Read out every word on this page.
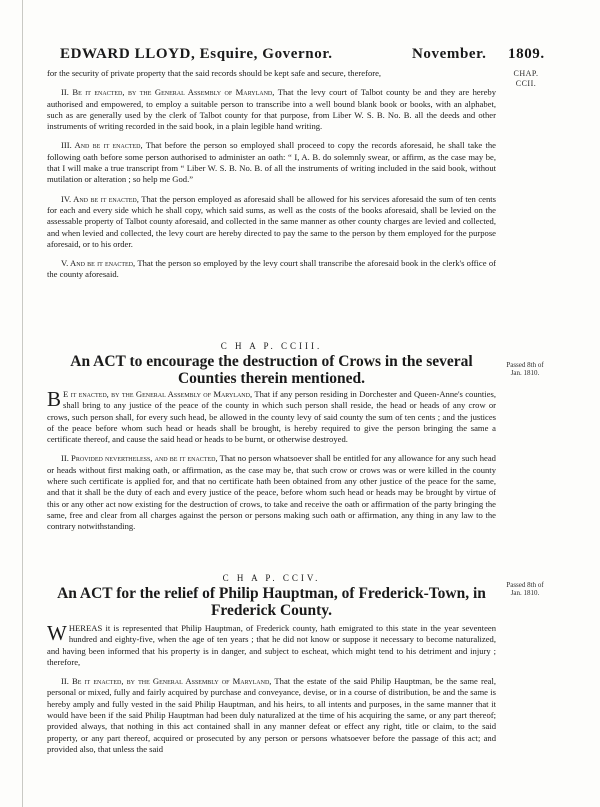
EDWARD LLOYD, Esquire, Governor.	November. 1809.
CHAP.
CCII.

for the security of private property that the said records should be kept safe and secure, therefore,

II. Be it enacted, by the General Assembly of Maryland, That the levy court of Talbot county be and they are hereby authorised and empowered, to employ a suitable person to transcribe into a well bound blank book or books, with an alphabet, such as are generally used by the clerk of Talbot county for that purpose, from Liber W. S. B. No. B. all the deeds and other instruments of writing recorded in the said book, in a plain legible hand writing.

III. And be it enacted, That before the person so employed shall proceed to copy the records aforesaid, he shall take the following oath before some person authorised to administer an oath: “ I, A. B. do solemnly swear, or affirm, as the case may be, that I will make a true transcript from “ Liber W. S. B. No. B. of all the instruments of writing included in the said book, without mutilation or alteration ; so help me God.”

IV. And be it enacted, That the person employed as aforesaid shall be allowed for his services aforesaid the sum of ten cents for each and every side which he shall copy, which said sums, as well as the costs of the books aforesaid, shall be levied on the assessable property of Talbot county aforesaid, and collected in the same manner as other county charges are levied and collected, and when levied and collected, the levy court are hereby directed to pay the same to the person by them employed for the purpose aforesaid, or to his order.

V. And be it enacted, That the person so employed by the levy court shall transcribe the aforesaid book in the clerk's office of the county aforesaid.

C H A P. CCIII.
An ACT to encourage the destruction of Crows in the several Counties therein mentioned.
Passed 8th of
Jan. 1810.

B E it enacted, by the General Assembly of Maryland, That if any person residing in Dorchester and Queen-Anne's counties, shall bring to any justice of the peace of the county in which such person shall reside, the head or heads of any crow or crows, such person shall, for every such head, be allowed in the county levy of said county the sum of ten cents ; and the justices of the peace before whom such head or heads shall be brought, is hereby required to give the person bringing the same a certificate thereof, and cause the said head or heads to be burnt, or otherwise destroyed.

II. Provided nevertheless, and be it enacted, That no person whatsoever shall be entitled for any allowance for any such head or heads without first making oath, or affirmation, as the case may be, that such crow or crows was or were killed in the county where such certificate is applied for, and that no certificate hath been obtained from any other justice of the peace for the same, and that it shall be the duty of each and every justice of the peace, before whom such head or heads may be brought by virtue of this or any other act now existing for the destruction of crows, to take and receive the oath or affirmation of the party bringing the same, free and clear from all charges against the person or persons making such oath or affirmation, any thing in any law to the contrary notwithstanding.

C H A P. CCIV.
An ACT for the relief of Philip Hauptman, of Frederick-Town, in Frederick County.
Passed 8th of
Jan. 1810.

WHEREAS it is represented that Philip Hauptman, of Frederick county, hath emigrated to this state in the year seventeen hundred and eighty-five, when the age of ten years ; that he did not know or suppose it necessary to become naturalized, and having been informed that his property is in danger, and subject to escheat, which might tend to his detriment and injury ; therefore,

II. Be it enacted, by the General Assembly of Maryland, That the estate of the said Philip Hauptman, be the same real, personal or mixed, fully and fairly acquired by purchase and conveyance, devise, or in a course of distribution, be and the same is hereby amply and fully vested in the said Philip Hauptman, and his heirs, to all intents and purposes, in the same manner that it would have been if the said Philip Hauptman had been duly naturalized at the time of his acquiring the same, or any part thereof; provided always, that nothing in this act contained shall in any manner defeat or effect any right, title or claim, to the said property, or any part thereof, acquired or prosecuted by any person or persons whatsoever before the passage of this act; and provided also, that unless the said
